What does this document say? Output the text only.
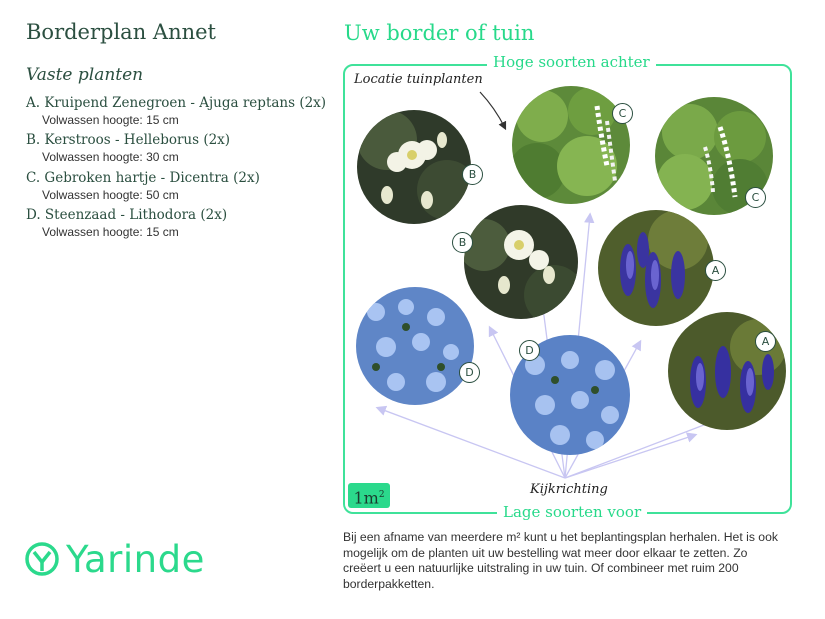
Borderplan Annet
Vaste planten
A. Kruipend Zenegroen - Ajuga reptans (2x)
Volwassen hoogte: 15 cm
B. Kerstroos - Helleborus (2x)
Volwassen hoogte: 30 cm
C. Gebroken hartje - Dicentra (2x)
Volwassen hoogte: 50 cm
D. Steenzaad - Lithodora (2x)
Volwassen hoogte: 15 cm
Uw border of tuin
C
C
B
B
A
D
D
A
Hoge soorten achter
Lage soorten voor
Locatie tuinplanten
Kijkrichting
$1m^2$
Yarinde
Bij een afname van meerdere m² kunt u het beplantingsplan herhalen. Het is ook mogelijk om de planten uit uw bestelling wat meer door elkaar te zetten. Zo creëert u een natuurlijke uitstraling in uw tuin. Of combineer met ruim 200 borderpakketten.
